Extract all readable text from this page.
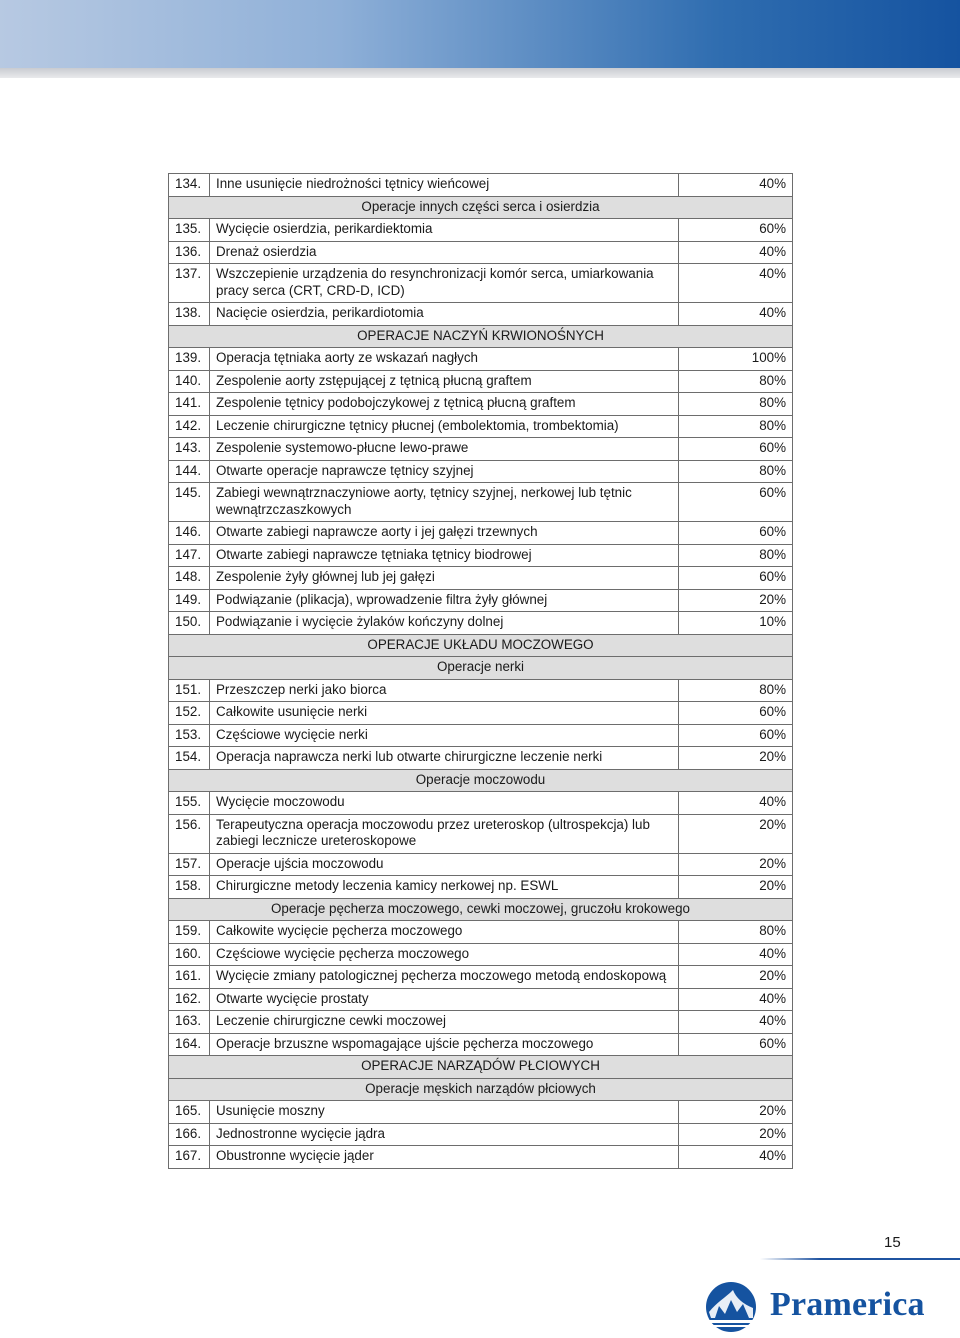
134.	Inne usunięcie niedrożności tętnicy wieńcowej	40%
Operacje innych części serca i osierdzia		
135.	Wycięcie osierdzia, perikardiektomia	60%
136.	Drenaż osierdzia	40%
137.	Wszczepienie urządzenia do resynchronizacji komór serca, umiarkowania pracy serca (CRT, CRD-D, ICD)	40%
138.	Nacięcie osierdzia, perikardiotomia	40%
OPERACJE NACZYŃ KRWIONOŚNYCH		
139.	Operacja tętniaka aorty ze wskazań nagłych	100%
140.	Zespolenie aorty zstępującej z tętnicą płucną graftem	80%
141.	Zespolenie tętnicy podobojczykowej z tętnicą płucną graftem	80%
142.	Leczenie chirurgiczne tętnicy płucnej (embolektomia, trombektomia)	80%
143.	Zespolenie systemowo-płucne lewo-prawe	60%
144.	Otwarte operacje naprawcze tętnicy szyjnej	80%
145.	Zabiegi wewnątrznaczyniowe aorty, tętnicy szyjnej, nerkowej lub tętnic wewnątrzczaszkowych	60%
146.	Otwarte zabiegi naprawcze aorty i jej gałęzi trzewnych	60%
147.	Otwarte zabiegi naprawcze tętniaka tętnicy biodrowej	80%
148.	Zespolenie żyły głównej lub jej gałęzi	60%
149.	Podwiązanie (plikacja), wprowadzenie filtra żyły głównej	20%
150.	Podwiązanie i wycięcie żylaków kończyny dolnej	10%
OPERACJE UKŁADU MOCZOWEGO		
Operacje nerki		
151.	Przeszczep nerki jako biorca	80%
152.	Całkowite usunięcie nerki	60%
153.	Częściowe wycięcie nerki	60%
154.	Operacja naprawcza nerki lub otwarte chirurgiczne leczenie nerki	20%
Operacje moczowodu		
155.	Wycięcie moczowodu	40%
156.	Terapeutyczna operacja moczowodu przez ureteroskop (ultrospekcja) lub zabiegi lecznicze ureteroskopowe	20%
157.	Operacje ujścia moczowodu	20%
158.	Chirurgiczne metody leczenia kamicy nerkowej np. ESWL	20%
Operacje pęcherza moczowego, cewki moczowej, gruczołu krokowego		
159.	Całkowite wycięcie pęcherza moczowego	80%
160.	Częściowe wycięcie pęcherza moczowego	40%
161.	Wycięcie zmiany patologicznej pęcherza moczowego metodą endoskopową	20%
162.	Otwarte wycięcie prostaty	40%
163.	Leczenie chirurgiczne cewki moczowej	40%
164.	Operacje brzuszne wspomagające ujście pęcherza moczowego	60%
OPERACJE NARZĄDÓW PŁCIOWYCH		
Operacje męskich narządów płciowych		
165.	Usunięcie moszny	20%
166.	Jednostronne wycięcie jądra	20%
167.	Obustronne wycięcie jąder	40%
15
Pramerica
